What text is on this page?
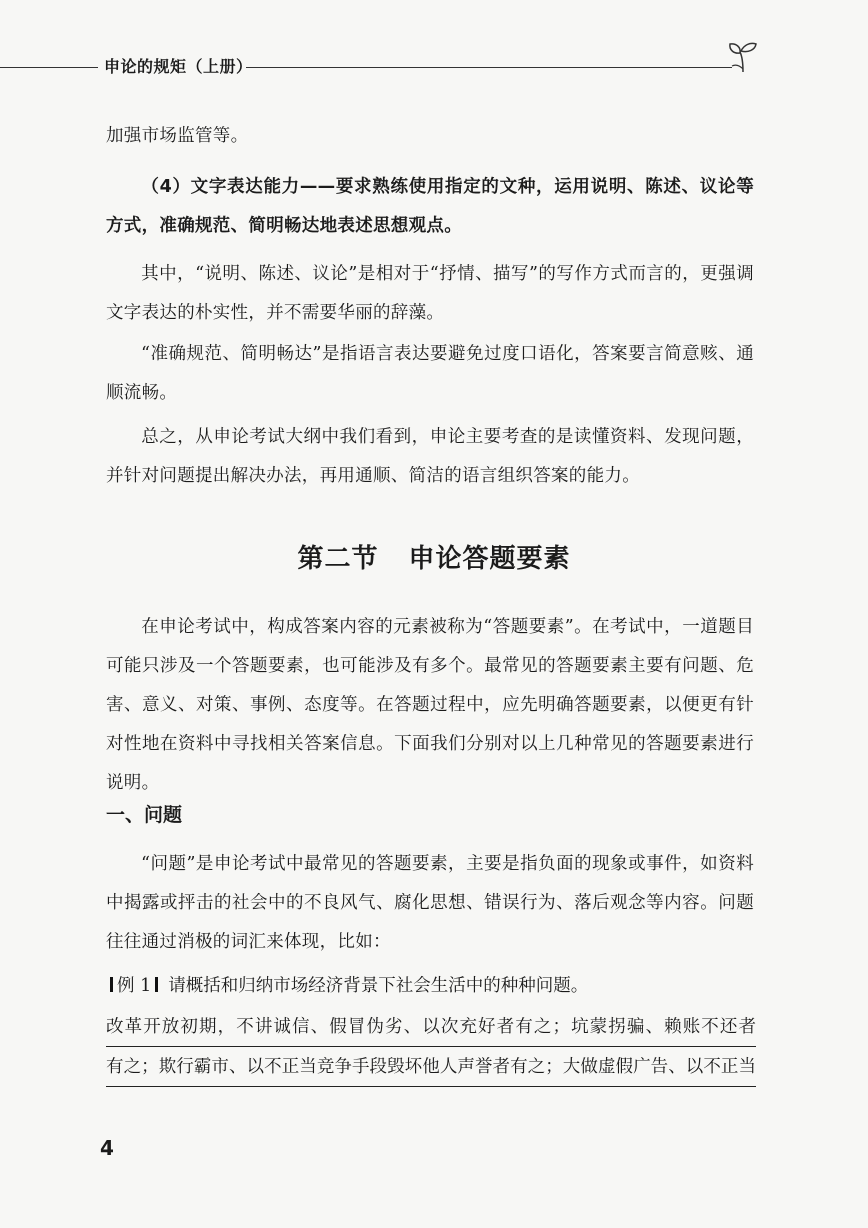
申论的规矩（上册）

加强市场监管等。

（4）文字表达能力——要求熟练使用指定的文种，运用说明、陈述、议论等方式，准确规范、简明畅达地表述思想观点。

其中，“说明、陈述、议论”是相对于“抒情、描写”的写作方式而言的，更强调文字表达的朴实性，并不需要华丽的辞藻。

“准确规范、简明畅达”是指语言表达要避免过度口语化，答案要言简意赅、通顺流畅。

总之，从申论考试大纲中我们看到，申论主要考查的是读懂资料、发现问题，并针对问题提出解决办法，再用通顺、简洁的语言组织答案的能力。

第二节 申论答题要素

在申论考试中，构成答案内容的元素被称为“答题要素”。在考试中，一道题目可能只涉及一个答题要素，也可能涉及有多个。最常见的答题要素主要有问题、危害、意义、对策、事例、态度等。在答题过程中，应先明确答题要素，以便更有针对性地在资料中寻找相关答案信息。下面我们分别对以上几种常见的答题要素进行说明。

一、问题

“问题”是申论考试中最常见的答题要素，主要是指负面的现象或事件，如资料中揭露或抨击的社会中的不良风气、腐化思想、错误行为、落后观念等内容。问题往往通过消极的词汇来体现，比如：

例 1 请概括和归纳市场经济背景下社会生活中的种种问题。
改革开放初期，不讲诚信、假冒伪劣、以次充好者有之；坑蒙拐骗、赖账不还者
有之；欺行霸市、以不正当竞争手段毁坏他人声誉者有之；大做虚假广告、以不正当
4
